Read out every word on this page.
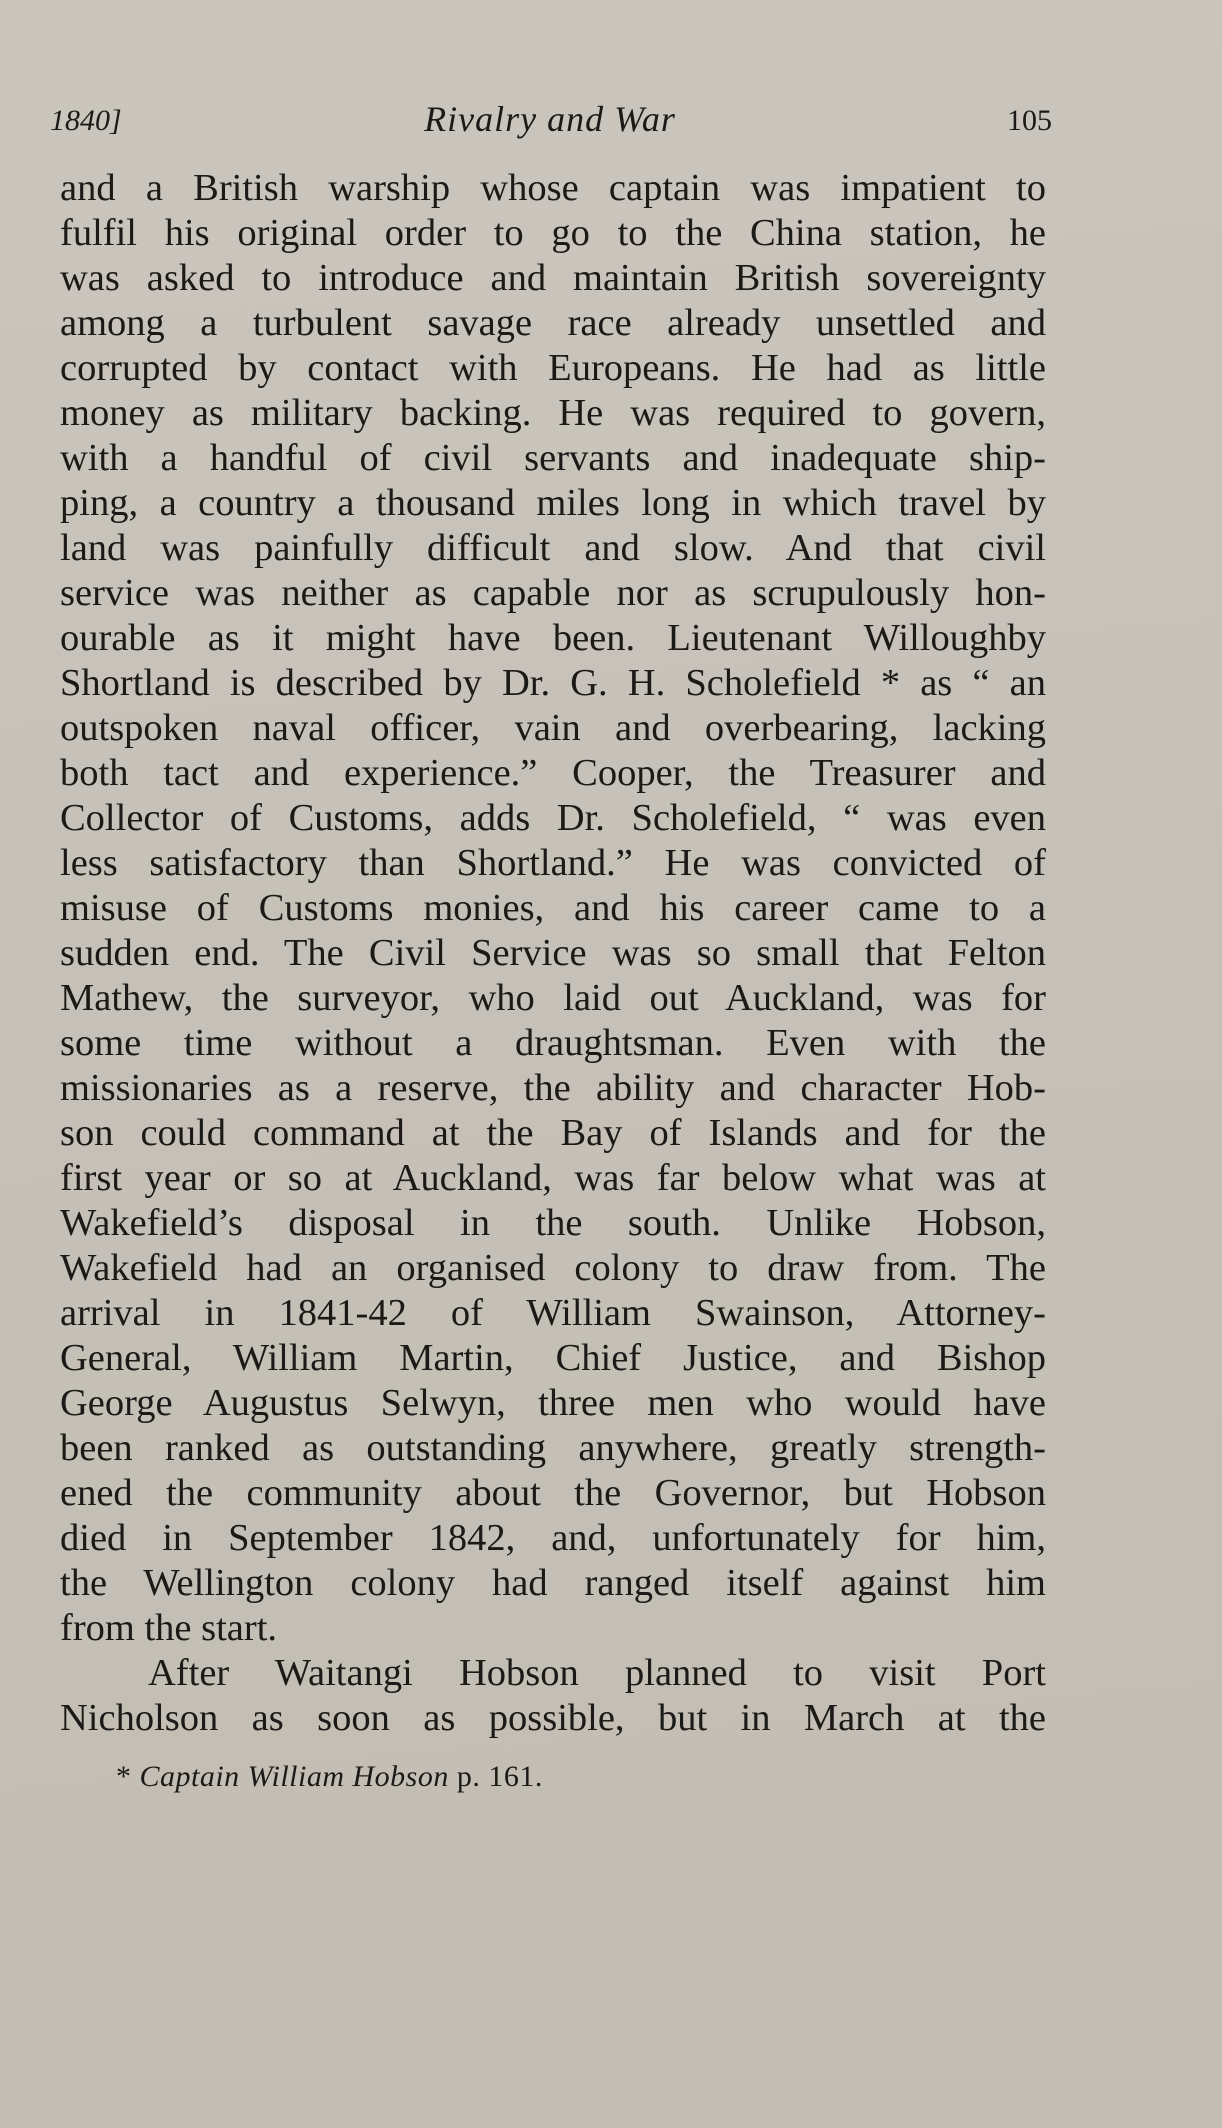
1840]	Rivalry and War	105
and a British warship whose captain was impatient to
fulfil his original order to go to the China station, he
was asked to introduce and maintain British sovereignty
among a turbulent savage race already unsettled and
corrupted by contact with Europeans. He had as little
money as military backing. He was required to govern,
with a handful of civil servants and inadequate ship-
ping, a country a thousand miles long in which travel by
land was painfully difficult and slow. And that civil
service was neither as capable nor as scrupulously hon-
ourable as it might have been. Lieutenant Willoughby
Shortland is described by Dr. G. H. Scholefield * as “ an
outspoken naval officer, vain and overbearing, lacking
both tact and experience.” Cooper, the Treasurer and
Collector of Customs, adds Dr. Scholefield, “ was even
less satisfactory than Shortland.” He was convicted of
misuse of Customs monies, and his career came to a
sudden end. The Civil Service was so small that Felton
Mathew, the surveyor, who laid out Auckland, was for
some time without a draughtsman. Even with the
missionaries as a reserve, the ability and character Hob-
son could command at the Bay of Islands and for the
first year or so at Auckland, was far below what was at
Wakefield’s disposal in the south. Unlike Hobson,
Wakefield had an organised colony to draw from. The
arrival in 1841-42 of William Swainson, Attorney-
General, William Martin, Chief Justice, and Bishop
George Augustus Selwyn, three men who would have
been ranked as outstanding anywhere, greatly strength-
ened the community about the Governor, but Hobson
died in September 1842, and, unfortunately for him,
the Wellington colony had ranged itself against him
from the start.
After Waitangi Hobson planned to visit Port
Nicholson as soon as possible, but in March at the
* Captain William Hobson p. 161.
